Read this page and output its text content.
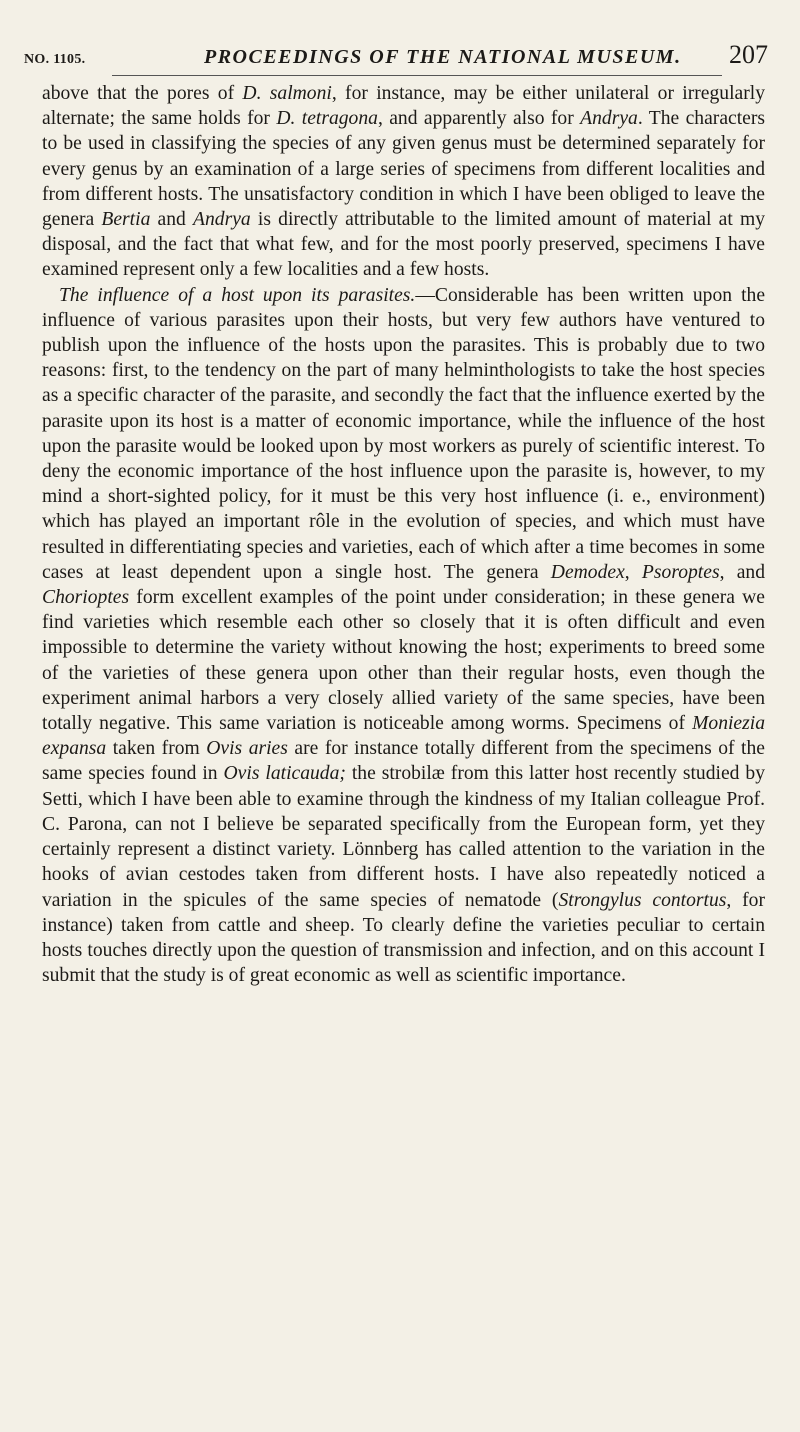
NO. 1105.	PROCEEDINGS OF THE NATIONAL MUSEUM. 207

above that the pores of D. salmoni, for instance, may be either unilateral or irregularly alternate; the same holds for D. tetragona, and apparently also for Andrya. The characters to be used in classifying the species of any given genus must be determined separately for every genus by an examination of a large series of specimens from different localities and from different hosts. The unsatisfactory condition in which I have been obliged to leave the genera Bertia and Andrya is directly attributable to the limited amount of material at my disposal, and the fact that what few, and for the most poorly preserved, specimens I have examined represent only a few localities and a few hosts.

The influence of a host upon its parasites.—Considerable has been written upon the influence of various parasites upon their hosts, but very few authors have ventured to publish upon the influence of the hosts upon the parasites. This is probably due to two reasons: first, to the tendency on the part of many helminthologists to take the host species as a specific character of the parasite, and secondly the fact that the influence exerted by the parasite upon its host is a matter of economic importance, while the influence of the host upon the parasite would be looked upon by most workers as purely of scientific interest. To deny the economic importance of the host influence upon the parasite is, however, to my mind a short-sighted policy, for it must be this very host influence (i. e., environment) which has played an important rôle in the evolution of species, and which must have resulted in differentiating species and varieties, each of which after a time becomes in some cases at least dependent upon a single host. The genera Demodex, Psoroptes, and Chorioptes form excellent examples of the point under consideration; in these genera we find varieties which resemble each other so closely that it is often difficult and even impossible to determine the variety without knowing the host; experiments to breed some of the varieties of these genera upon other than their regular hosts, even though the experiment animal harbors a very closely allied variety of the same species, have been totally negative. This same variation is noticeable among worms. Specimens of Moniezia expansa taken from Ovis aries are for instance totally different from the specimens of the same species found in Ovis laticauda; the strobilæ from this latter host recently studied by Setti, which I have been able to examine through the kindness of my Italian colleague Prof. C. Parona, can not I believe be separated specifically from the European form, yet they certainly represent a distinct variety. Lönnberg has called attention to the variation in the hooks of avian cestodes taken from different hosts. I have also repeatedly noticed a variation in the spicules of the same species of nematode (Strongylus contortus, for instance) taken from cattle and sheep. To clearly define the varieties peculiar to certain hosts touches directly upon the question of transmission and infection, and on this account I submit that the study is of great economic as well as scientific importance.
